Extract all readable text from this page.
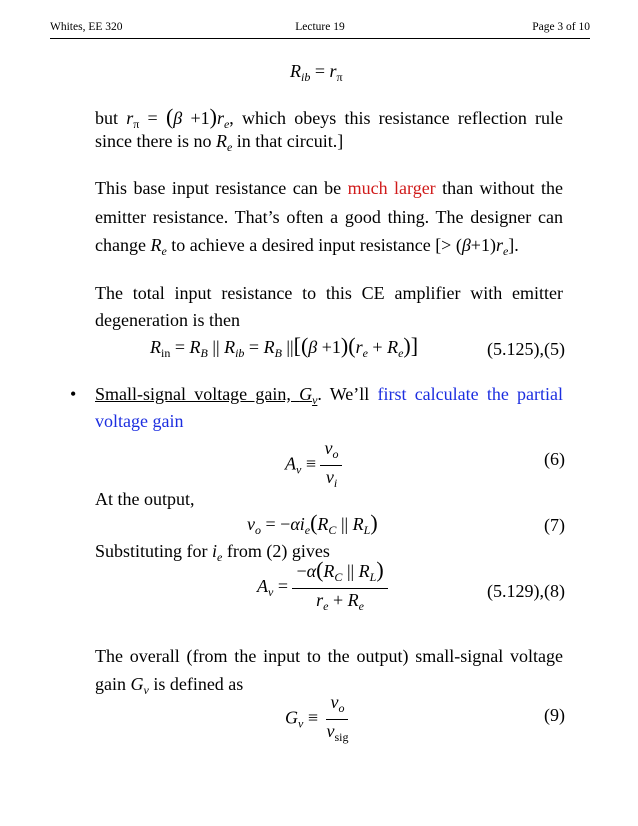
Whites, EE 320	Lecture 19	Page 3 of 10
$R_{ib} = r_\pi$
but $r_\pi = (\beta +1)r_e$, which obeys this resistance reflection rule
since there is no $R_e$ in that circuit.]
This base input resistance can be much larger than without the
emitter resistance. That’s often a good thing. The designer can
change $R_e$ to achieve a desired input resistance [> $(\beta+1)r_e$].
The total input resistance to this CE amplifier with emitter
degeneration is then
$R_{in} = R_B$ || $R_{ib} = R_B$ $||[(\beta +1)(r_e + R_e)]$	(5.125),(5)
• Small-signal voltage gain, $G_v$. We’ll first calculate the partial
voltage gain
$A_v \equiv \frac{v_o}{v_i}$	(6)
At the output,
$v_o = -\alpha i_e(R_C$ || $R_L$)	(7)
Substituting for $i_e$ from (2) gives
$A_v = \frac{-\alpha(R_C || R_L)}{r_e + R_e}$	(5.129),(8)
The overall (from the input to the output) small-signal voltage
gain $G_v$ is defined as
$G_v \equiv \frac{v_o}{v_{sig}}$	(9)
